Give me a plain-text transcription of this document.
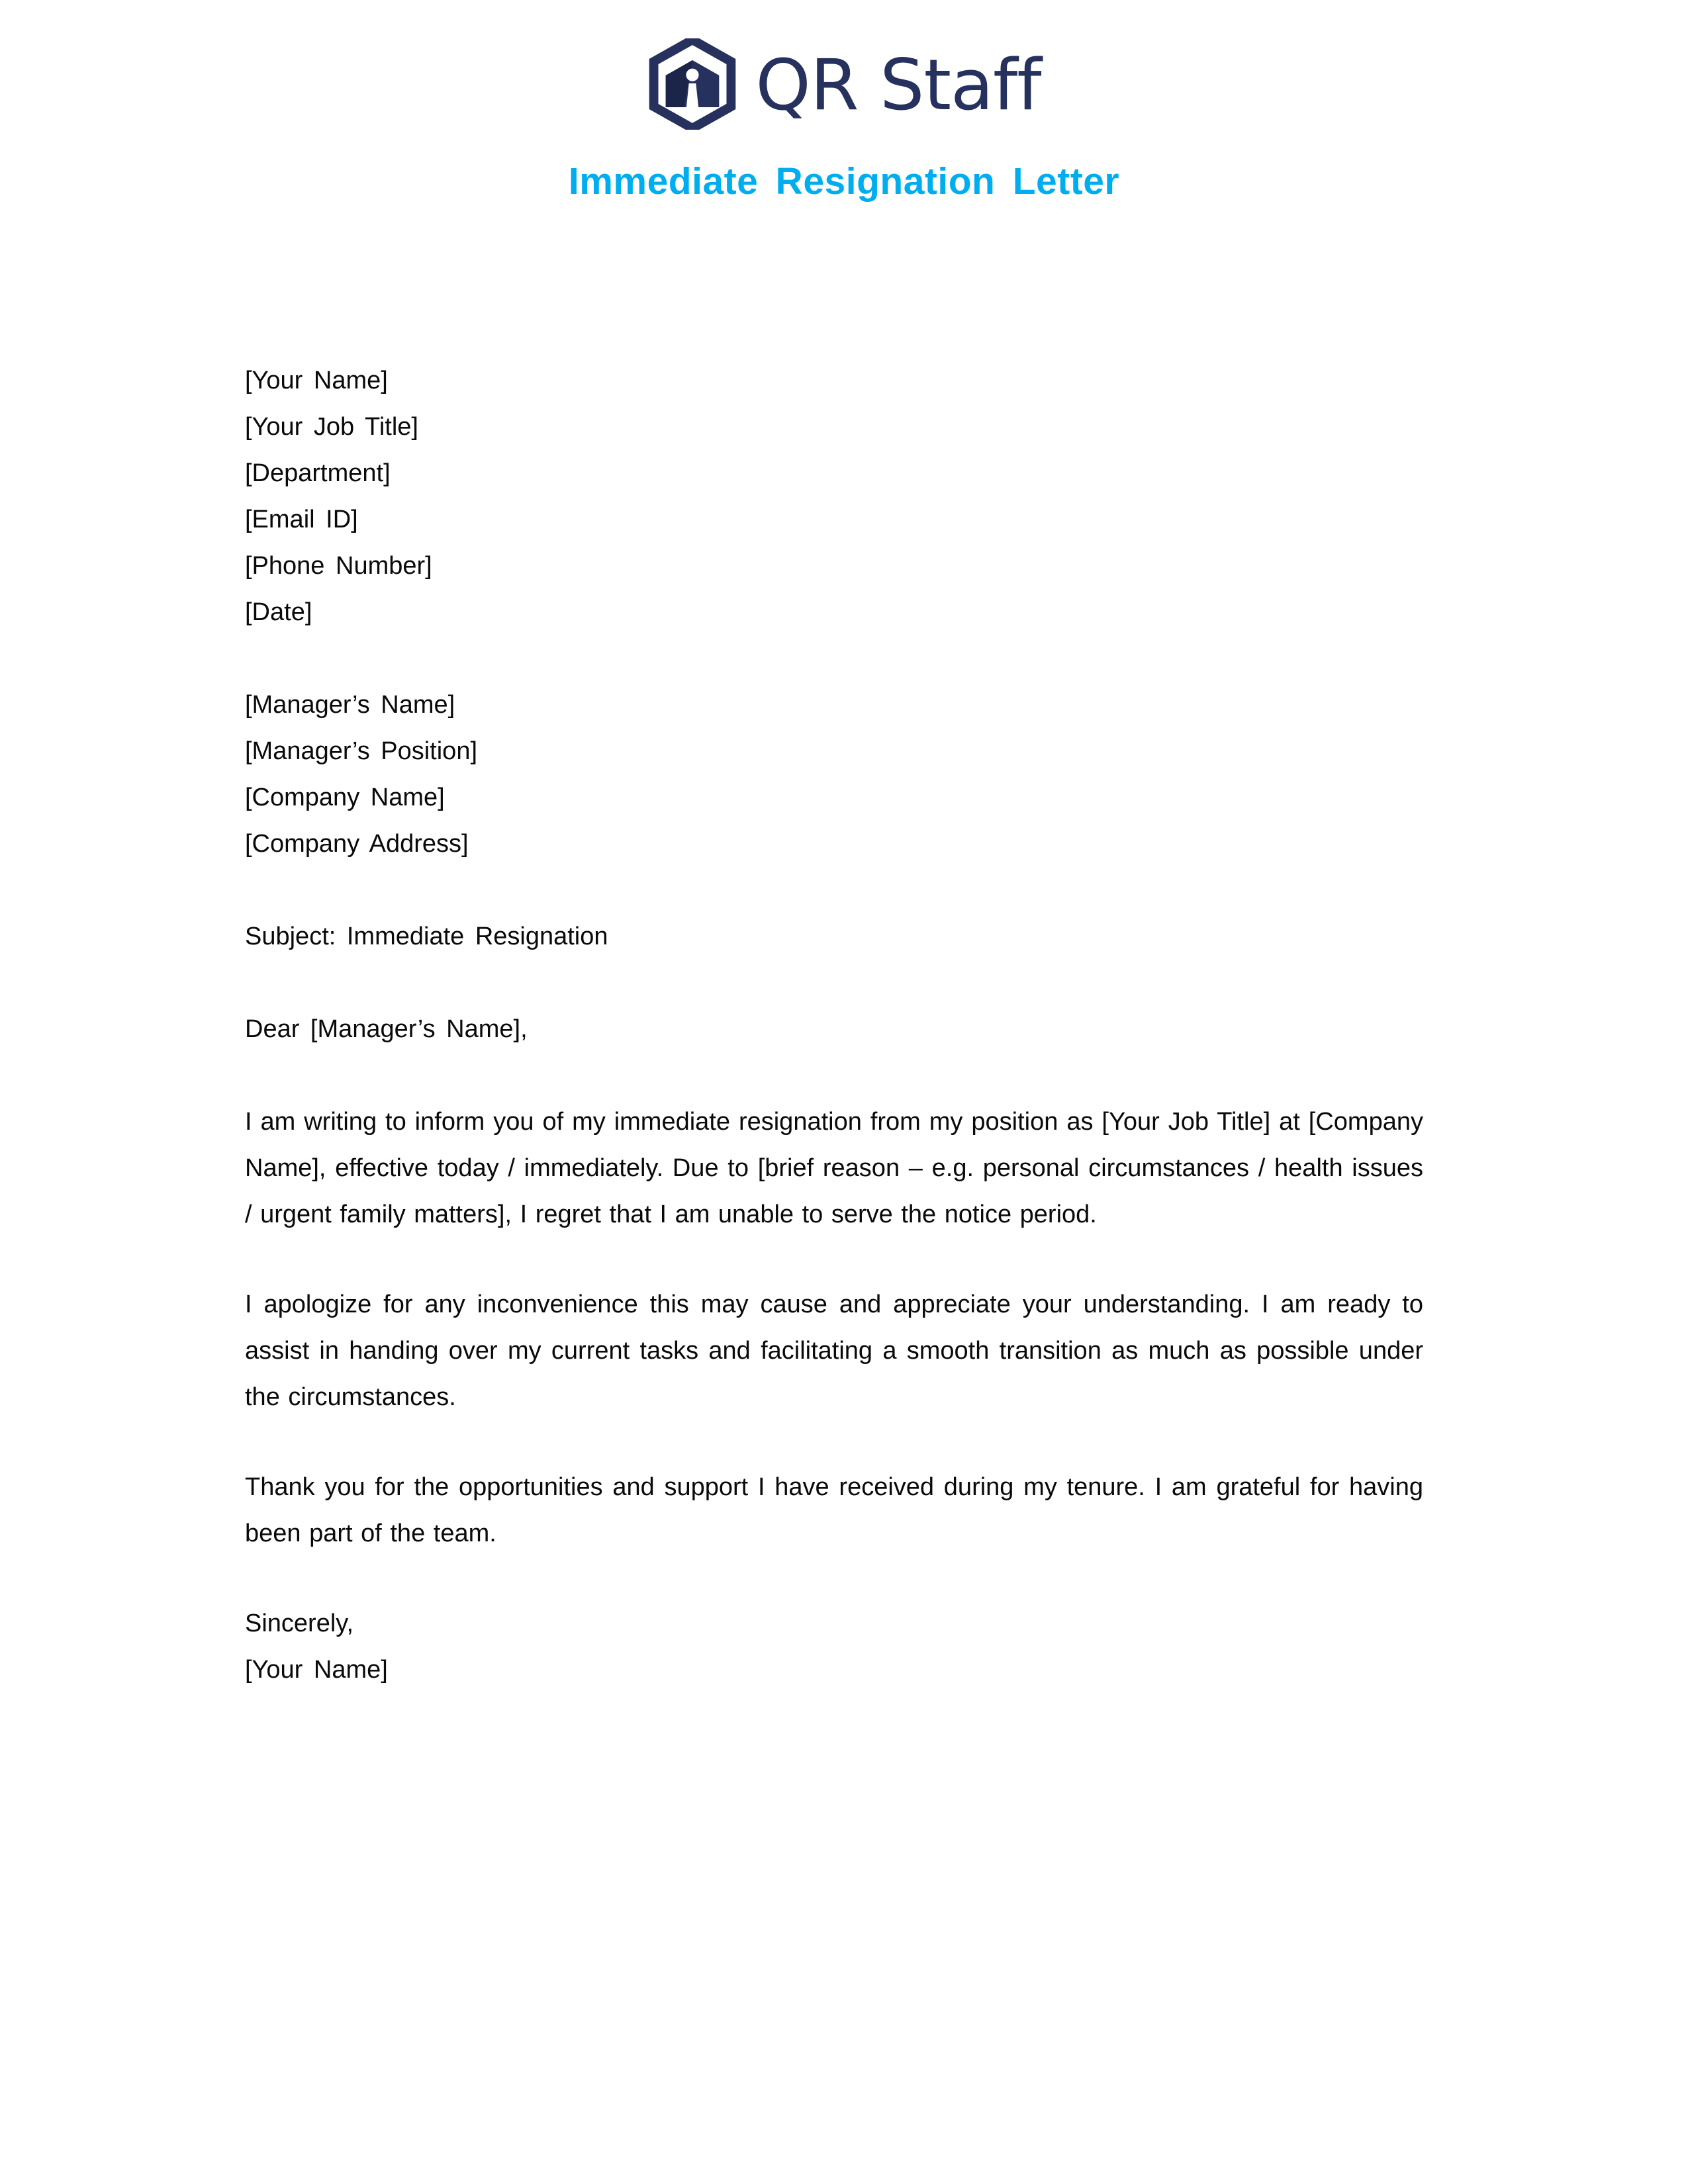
QR Staff
Immediate Resignation Letter
[Your Name]
[Your Job Title]
[Department]
[Email ID]
[Phone Number]
[Date]
[Manager’s Name]
[Manager’s Position]
[Company Name]
[Company Address]
Subject: Immediate Resignation
Dear [Manager’s Name],

I am writing to inform you of my immediate resignation from my position as [Your Job Title] at [Company Name], effective today / immediately. Due to [brief reason – e.g. personal circumstances / health issues / urgent family matters], I regret that I am unable to serve the notice period.

I apologize for any inconvenience this may cause and appreciate your understanding. I am ready to assist in handing over my current tasks and facilitating a smooth transition as much as possible under the circumstances.

Thank you for the opportunities and support I have received during my tenure. I am grateful for having been part of the team.

Sincerely,
[Your Name]
